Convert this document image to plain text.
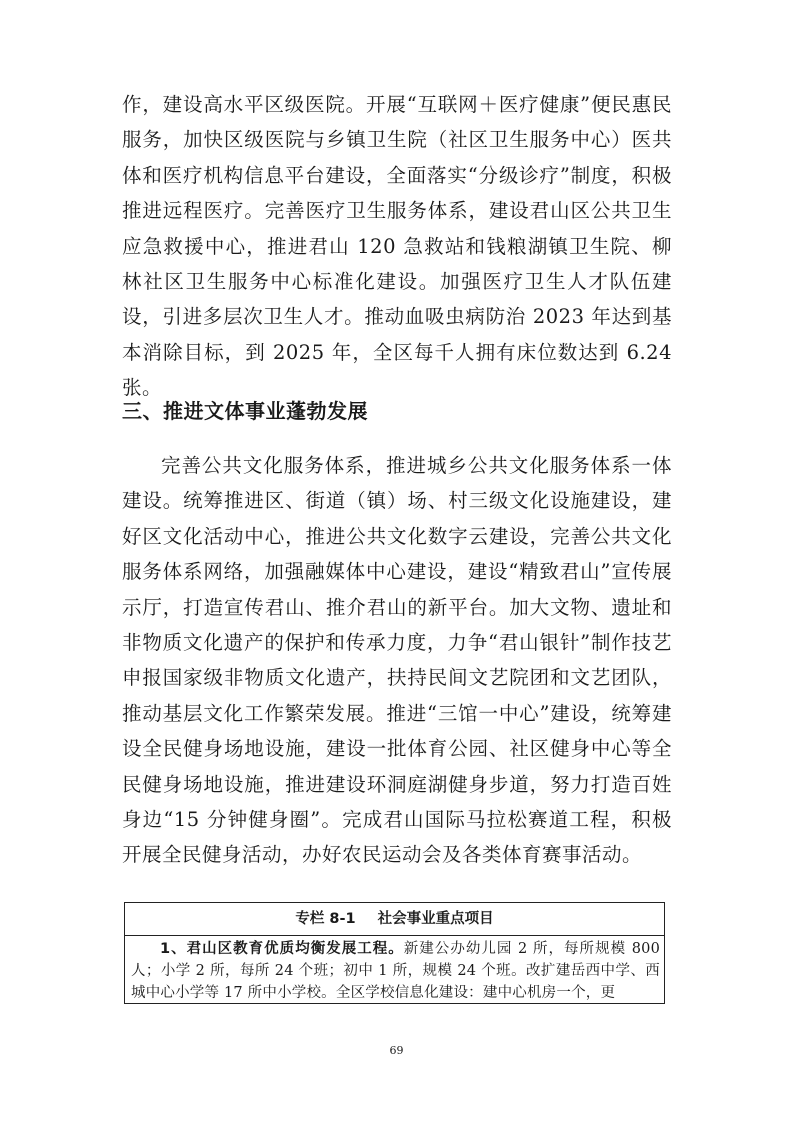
作，建设高水平区级医院。开展“互联网＋医疗健康”便民惠民服务，加快区级医院与乡镇卫生院（社区卫生服务中心）医共体和医疗机构信息平台建设，全面落实“分级诊疗”制度，积极推进远程医疗。完善医疗卫生服务体系，建设君山区公共卫生应急救援中心，推进君山 120 急救站和钱粮湖镇卫生院、柳林社区卫生服务中心标准化建设。加强医疗卫生人才队伍建设，引进多层次卫生人才。推动血吸虫病防治 2023 年达到基本消除目标，到 2025 年，全区每千人拥有床位数达到 6.24 张。

三、推进文体事业蓬勃发展

完善公共文化服务体系，推进城乡公共文化服务体系一体建设。统筹推进区、街道（镇）场、村三级文化设施建设，建好区文化活动中心，推进公共文化数字云建设，完善公共文化服务体系网络，加强融媒体中心建设，建设“精致君山”宣传展示厅，打造宣传君山、推介君山的新平台。加大文物、遗址和非物质文化遗产的保护和传承力度，力争“君山银针”制作技艺申报国家级非物质文化遗产，扶持民间文艺院团和文艺团队，推动基层文化工作繁荣发展。推进“三馆一中心”建设，统筹建设全民健身场地设施，建设一批体育公园、社区健身中心等全民健身场地设施，推进建设环洞庭湖健身步道，努力打造百姓身边“15 分钟健身圈”。完成君山国际马拉松赛道工程，积极开展全民健身活动，办好农民运动会及各类体育赛事活动。

专栏 8-1 社会事业重点项目
1、君山区教育优质均衡发展工程。新建公办幼儿园 2 所，每所规模 800 人；小学 2 所，每所 24 个班；初中 1 所，规模 24 个班。改扩建岳西中学、西城中心小学等 17 所中小学校。全区学校信息化建设：建中心机房一个，更
69
